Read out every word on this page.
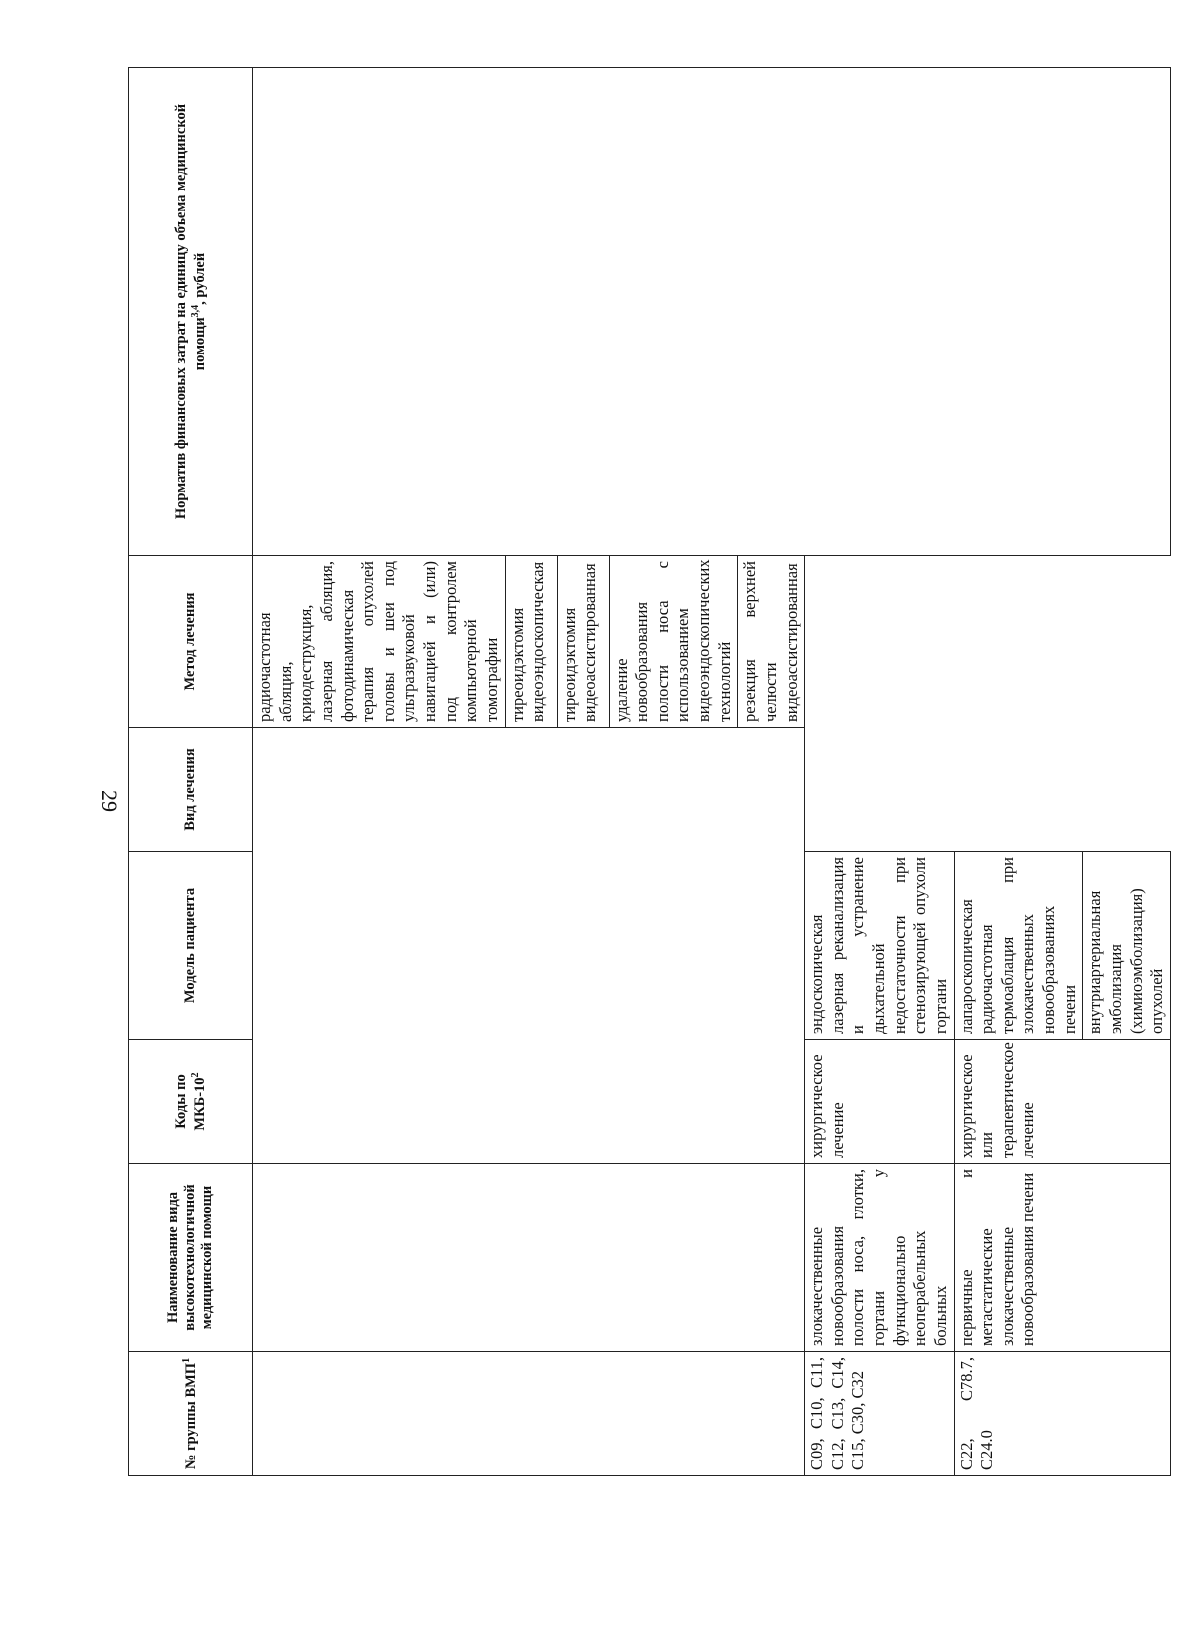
29
№ группы ВМП$^1$	Наименование вида высокотехнологичной медицинской помощи	Коды по МКБ-$10^2$	Модель пациента	Вид лечения	Метод лечения	Норматив финансовых затрат на единицу объема медицинской помощи$^{3,4}$, рублей
					радиочастотная абляция, криодеструкция, лазерная абляция, фотодинамическая терапия опухолей головы и шеи под ультразвуковой навигацией и (или) под контролем компьютерной томографии	
					тиреоидэктомия видеоэндоскопическая	
					тиреоидэктомия видеоассистированная	
					удаление новообразования полости носа с использованием видеоэндоскопических технологий	
					резекция верхней челюсти видеоассистированная	
C09, C10, C11, C12, C13, C14, C15, C30, C32	злокачественные новообразования полости носа, глотки, гортани у функционально неоперабельных больных	хирургическое лечение	эндоскопическая лазерная реканализация и устранение дыхательной недостаточности при стенозирующей опухоли гортани			
C22, C78.7, C24.0	первичные и метастатические злокачественные новообразования печени	хирургическое или терапевтическое лечение	лапароскопическая радиочастотная термоаблация при злокачественных новообразованиях печени			
			внутриартериальная эмболизация (химиоэмболизация) опухолей			
